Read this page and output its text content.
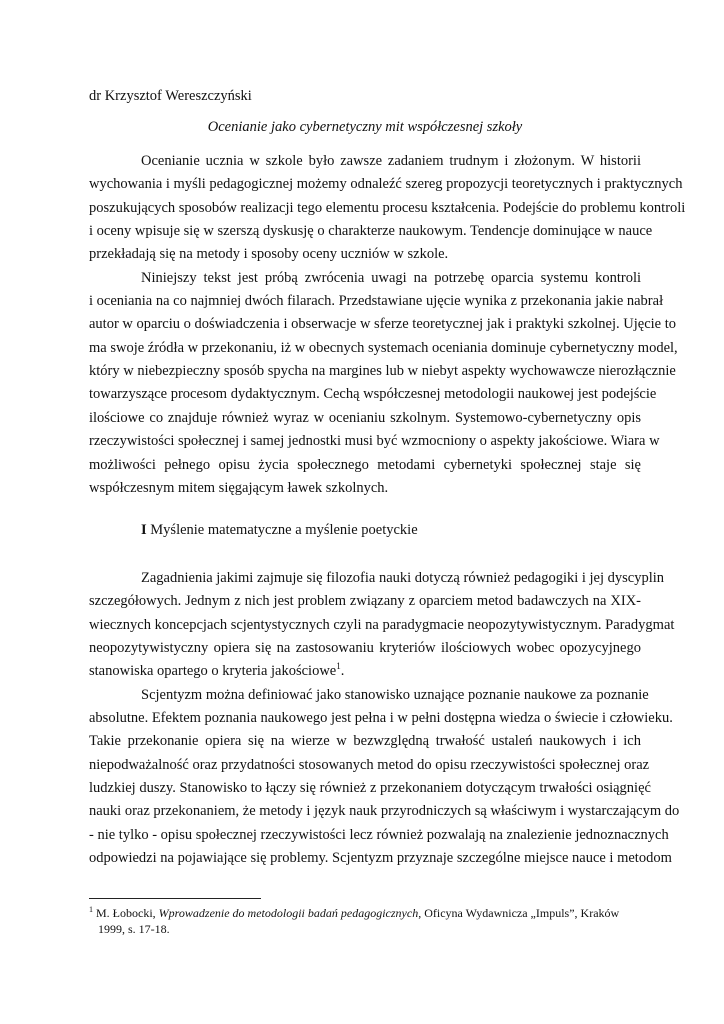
dr Krzysztof Wereszczyński
Ocenianie jako cybernetyczny mit współczesnej szkoły
Ocenianie ucznia w szkole było zawsze zadaniem trudnym i złożonym. W historii
wychowania i myśli pedagogicznej możemy odnaleźć szereg propozycji teoretycznych i praktycznych
poszukujących sposobów realizacji tego elementu procesu kształcenia. Podejście do problemu kontroli
i oceny wpisuje się w szerszą dyskusję o charakterze naukowym. Tendencje dominujące w nauce
przekładają się na metody i sposoby oceny uczniów w szkole.
Niniejszy tekst jest próbą zwrócenia uwagi na potrzebę oparcia systemu kontroli
i oceniania na co najmniej dwóch filarach. Przedstawiane ujęcie wynika z przekonania jakie nabrał
autor w oparciu o doświadczenia i obserwacje w sferze teoretycznej jak i praktyki szkolnej. Ujęcie to
ma swoje źródła w przekonaniu, iż w obecnych systemach oceniania dominuje cybernetyczny model,
który w niebezpieczny sposób spycha na margines lub w niebyt aspekty wychowawcze nierozłącznie
towarzyszące procesom dydaktycznym. Cechą współczesnej metodologii naukowej jest podejście
ilościowe co znajduje również wyraz w ocenianiu szkolnym. Systemowo-cybernetyczny opis
rzeczywistości społecznej i samej jednostki musi być wzmocniony o aspekty jakościowe. Wiara w
możliwości pełnego opisu życia społecznego metodami cybernetyki społecznej staje się
współczesnym mitem sięgającym ławek szkolnych.
I Myślenie matematyczne a myślenie poetyckie
Zagadnienia jakimi zajmuje się filozofia nauki dotyczą również pedagogiki i jej dyscyplin
szczegółowych. Jednym z nich jest problem związany z oparciem metod badawczych na XIX-
wiecznych koncepcjach scjentystycznych czyli na paradygmacie neopozytywistycznym. Paradygmat
neopozytywistyczny opiera się na zastosowaniu kryteriów ilościowych wobec opozycyjnego
stanowiska opartego o kryteria jakościowe$^1$.
Scjentyzm można definiować jako stanowisko uznające poznanie naukowe za poznanie
absolutne. Efektem poznania naukowego jest pełna i w pełni dostępna wiedza o świecie i człowieku.
Takie przekonanie opiera się na wierze w bezwzględną trwałość ustaleń naukowych i ich
niepodważalność oraz przydatności stosowanych metod do opisu rzeczywistości społecznej oraz
ludzkiej duszy. Stanowisko to łączy się również z przekonaniem dotyczącym trwałości osiągnięć
nauki oraz przekonaniem, że metody i język nauk przyrodniczych są właściwym i wystarczającym do
- nie tylko - opisu społecznej rzeczywistości lecz również pozwalają na znalezienie jednoznacznych
odpowiedzi na pojawiające się problemy. Scjentyzm przyznaje szczególne miejsce nauce i metodom
$^1$ M. Łobocki, Wprowadzenie do metodologii badań pedagogicznych, Oficyna Wydawnicza „Impuls”, Kraków
1999, s. 17-18.
